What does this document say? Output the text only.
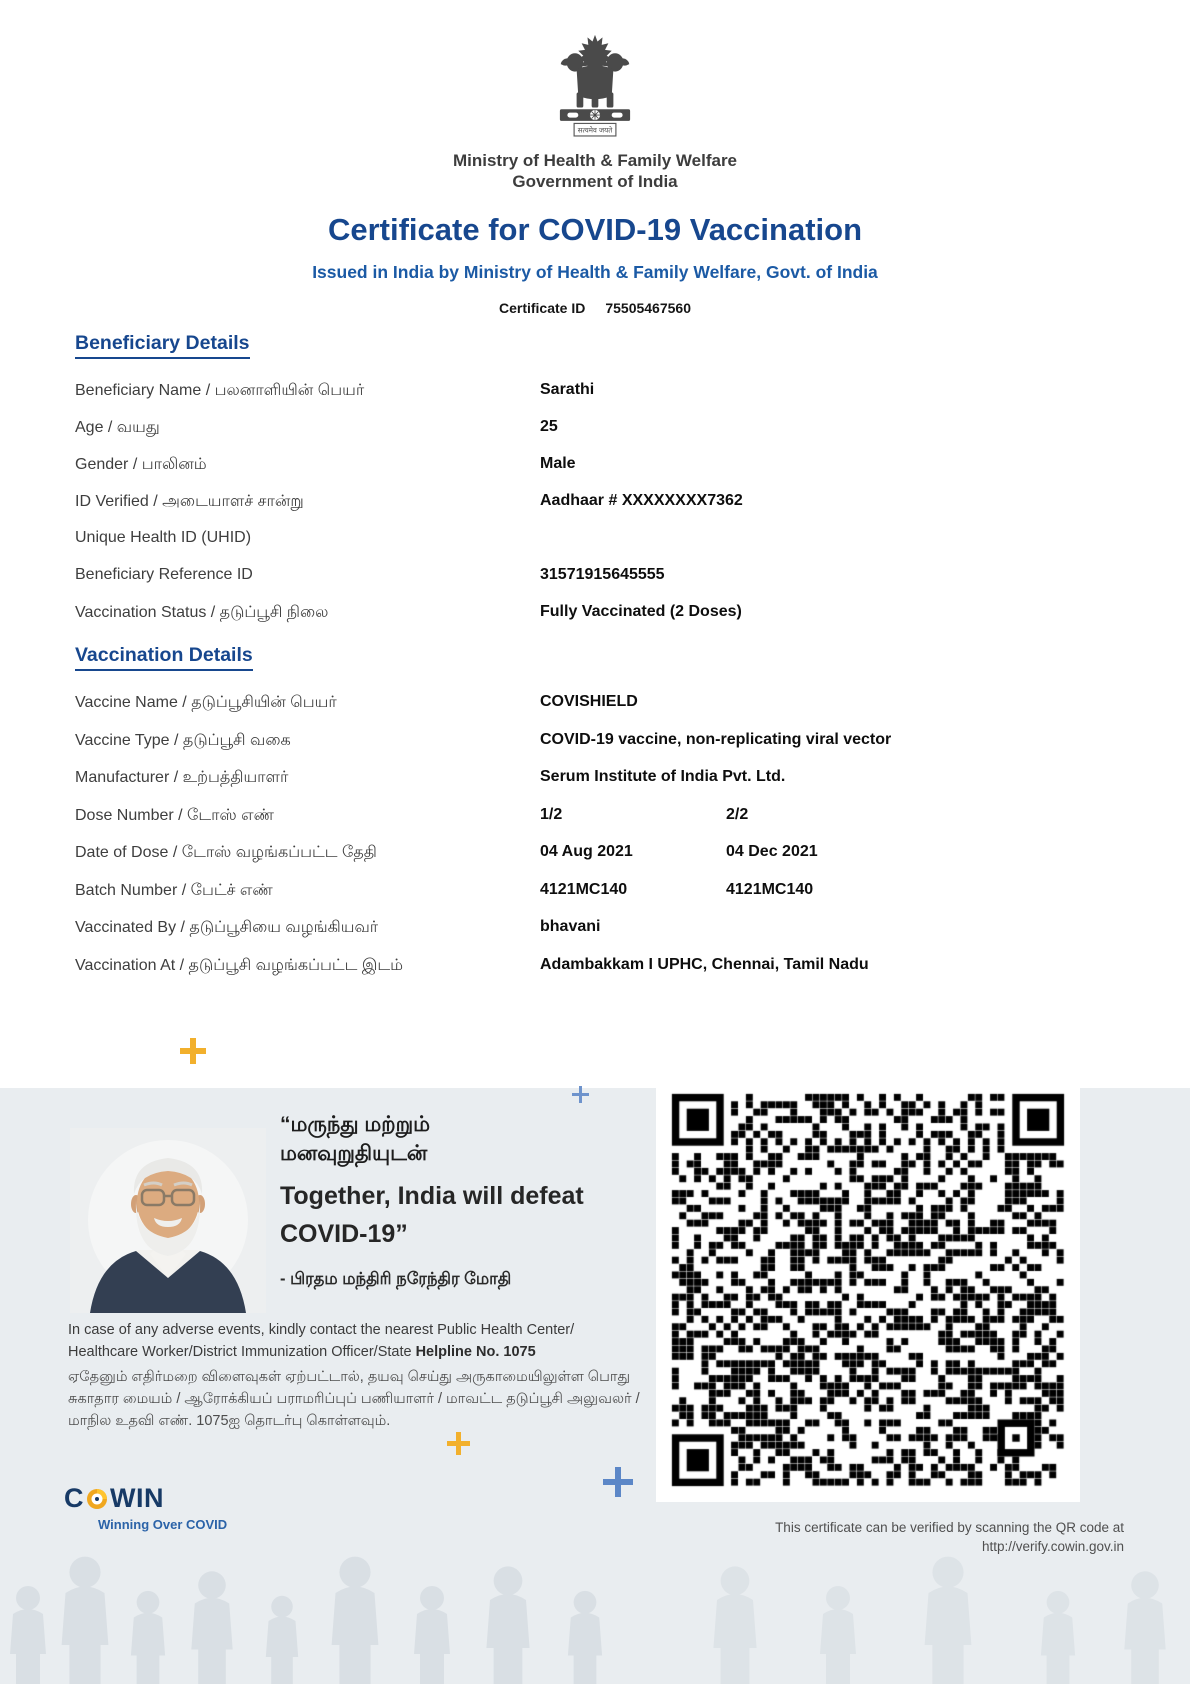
सत्यमेव जयते
Ministry of Health & Family Welfare
Government of India
Certificate for COVID-19 Vaccination
Issued in India by Ministry of Health & Family Welfare, Govt. of India
Certificate ID 75505467560
Beneficiary Details
Beneficiary Name / பலனாளியின் பெயர்	Sarathi
Age / வயது	25
Gender / பாலினம்	Male
ID Verified / அடையாளச் சான்று	Aadhaar # XXXXXXXX7362
Unique Health ID (UHID)
Beneficiary Reference ID	31571915645555
Vaccination Status / தடுப்பூசி நிலை	Fully Vaccinated (2 Doses)
Vaccination Details
Vaccine Name / தடுப்பூசியின் பெயர்	COVISHIELD
Vaccine Type / தடுப்பூசி வகை	COVID-19 vaccine, non-replicating viral vector
Manufacturer / உற்பத்தியாளர்	Serum Institute of India Pvt. Ltd.
Dose Number / டோஸ் எண்	1/2	2/2
Date of Dose / டோஸ் வழங்கப்பட்ட தேதி	04 Aug 2021	04 Dec 2021
Batch Number / பேட்ச் எண்	4121MC140	4121MC140
Vaccinated By / தடுப்பூசியை வழங்கியவர்	bhavani
Vaccination At / தடுப்பூசி வழங்கப்பட்ட இடம்	Adambakkam I UPHC, Chennai, Tamil Nadu
“மருந்து மற்றும்
மனவுறுதியுடன்
Together, India will defeat
COVID-19”
- பிரதம மந்திரி நரேந்திர மோதி
In case of any adverse events, kindly contact the nearest Public Health Center/
Healthcare Worker/District Immunization Officer/State Helpline No. 1075
ஏதேனும் எதிர்மறை விளைவுகள் ஏற்பட்டால், தயவு செய்து அருகாமையிலுள்ள பொது சுகாதார மையம் / ஆரோக்கியப் பராமரிப்புப் பணியாளர் / மாவட்ட தடுப்பூசி அலுவலர் / மாநில உதவி எண். 1075ஐ தொடர்பு கொள்ளவும்.
C WIN
Winning Over COVID	This certificate can be verified by scanning the QR code at
http://verify.cowin.gov.in
